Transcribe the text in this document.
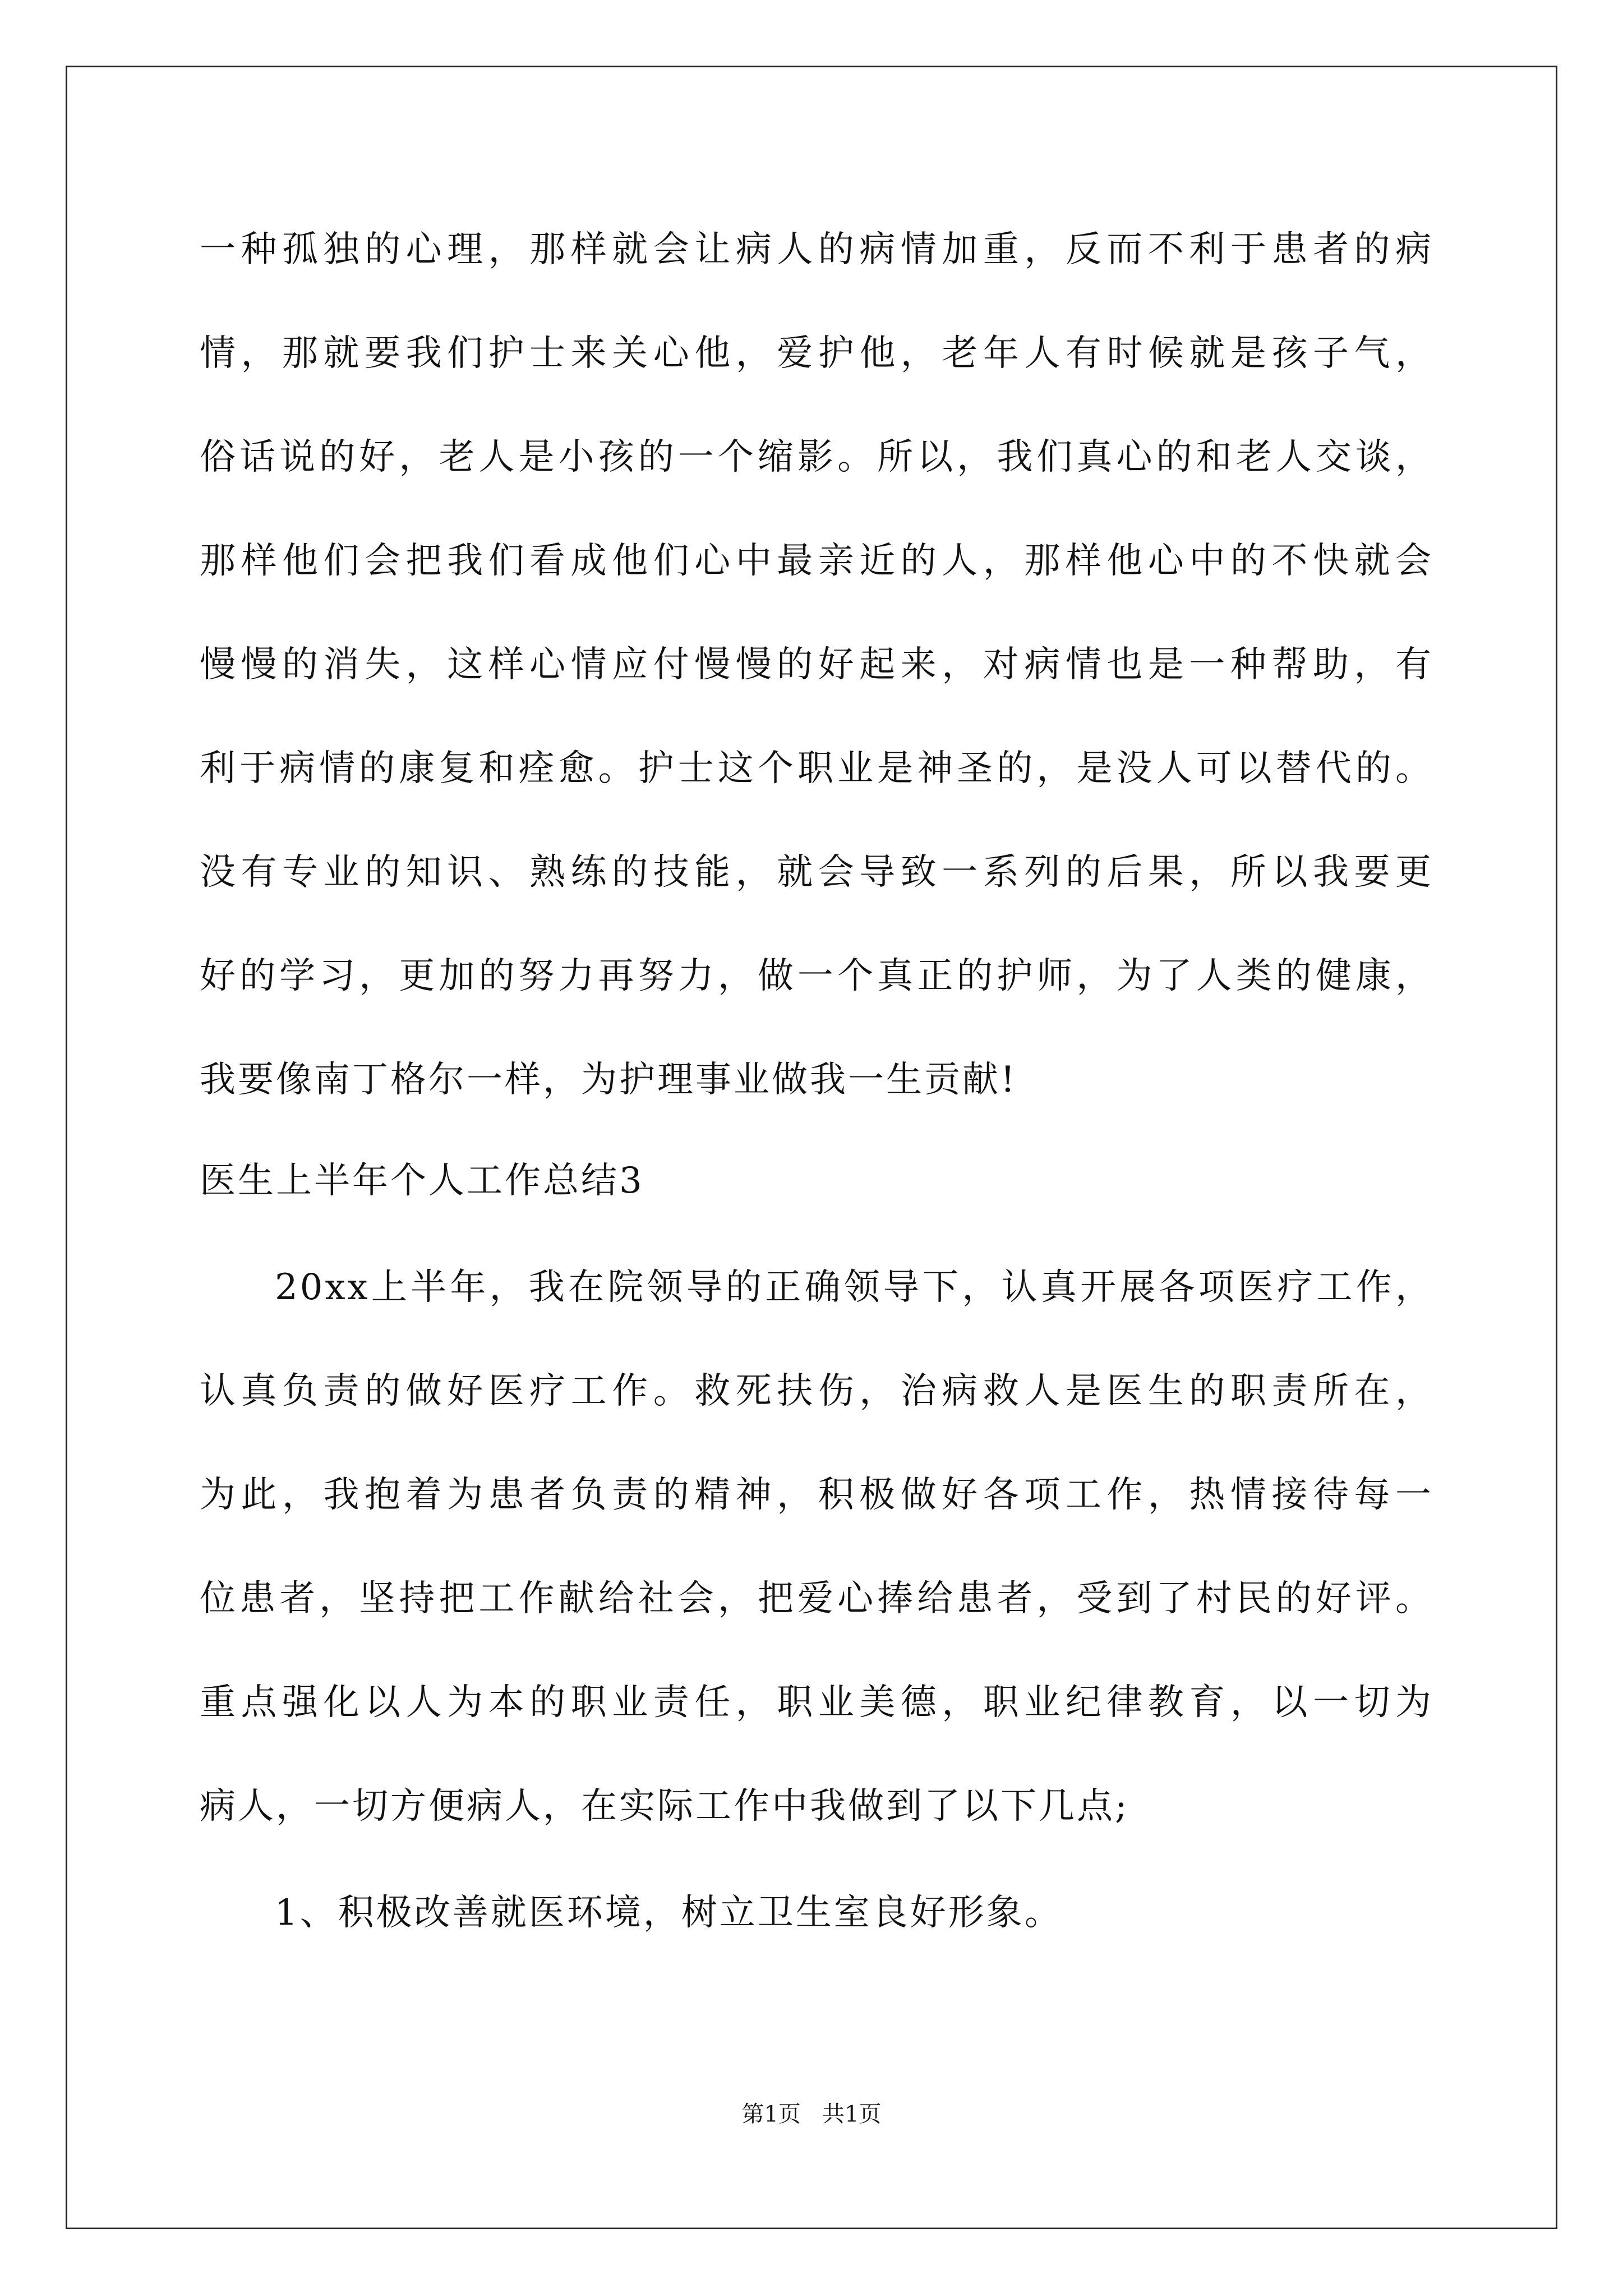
一种孤独的心理，那样就会让病人的病情加重，反而不利于患者的病
情，那就要我们护士来关心他，爱护他，老年人有时候就是孩子气，
俗话说的好，老人是小孩的一个缩影。所以，我们真心的和老人交谈，
那样他们会把我们看成他们心中最亲近的人，那样他心中的不快就会
慢慢的消失，这样心情应付慢慢的好起来，对病情也是一种帮助，有
利于病情的康复和痊愈。护士这个职业是神圣的，是没人可以替代的。
没有专业的知识、熟练的技能，就会导致一系列的后果，所以我要更
好的学习，更加的努力再努力，做一个真正的护师，为了人类的健康，
我要像南丁格尔一样，为护理事业做我一生贡献!
医生上半年个人工作总结3
20xx上半年，我在院领导的正确领导下，认真开展各项医疗工作，
认真负责的做好医疗工作。救死扶伤，治病救人是医生的职责所在，
为此，我抱着为患者负责的精神，积极做好各项工作，热情接待每一
位患者，坚持把工作献给社会，把爱心捧给患者，受到了村民的好评。
重点强化以人为本的职业责任，职业美德，职业纪律教育，以一切为
病人，一切方便病人，在实际工作中我做到了以下几点;
1、积极改善就医环境，树立卫生室良好形象。
第1页   共1页
